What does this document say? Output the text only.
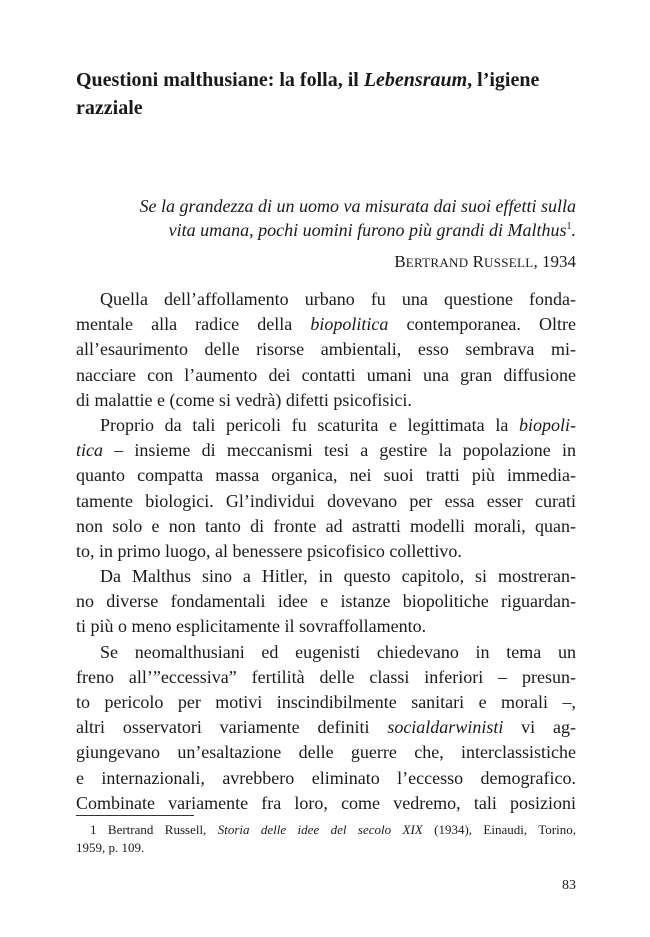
Questioni malthusiane: la folla, il Lebensraum, l’igiene
razziale
Se la grandezza di un uomo va misurata dai suoi effetti sulla
vita umana, pochi uomini furono più grandi di Malthus$^1$.
BERTRAND RUSSELL, 1934
Quella dell’affollamento urbano fu una questione fonda-
mentale alla radice della biopolitica contemporanea. Oltre
all’esaurimento delle risorse ambientali, esso sembrava mi-
nacciare con l’aumento dei contatti umani una gran diffusione
di malattie e (come si vedrà) difetti psicofisici.
Proprio da tali pericoli fu scaturita e legittimata la biopoli-
tica – insieme di meccanismi tesi a gestire la popolazione in
quanto compatta massa organica, nei suoi tratti più immedia-
tamente biologici. Gl’individui dovevano per essa esser curati
non solo e non tanto di fronte ad astratti modelli morali, quan-
to, in primo luogo, al benessere psicofisico collettivo.
Da Malthus sino a Hitler, in questo capitolo, si mostreran-
no diverse fondamentali idee e istanze biopolitiche riguardan-
ti più o meno esplicitamente il sovraffollamento.
Se neomalthusiani ed eugenisti chiedevano in tema un
freno all’”eccessiva” fertilità delle classi inferiori – presun-
to pericolo per motivi inscindibilmente sanitari e morali –,
altri osservatori variamente definiti socialdarwinisti vi ag-
giungevano un’esaltazione delle guerre che, interclassistiche
e internazionali, avrebbero eliminato l’eccesso demografico.
Combinate variamente fra loro, come vedremo, tali posizioni
1 Bertrand Russell, Storia delle idee del secolo XIX (1934), Einaudi, Torino,
1959, p. 109.
83
